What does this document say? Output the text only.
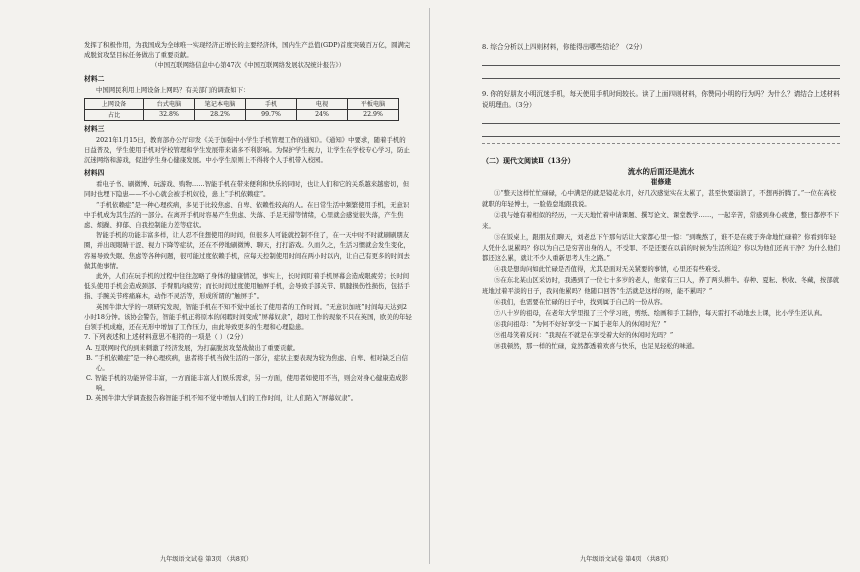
发挥了积极作用，为我国成为全球唯一实现经济正增长的主要经济体，国内生产总值(GDP)首度突破百万亿，圆满完成脱贫攻坚目标任务做出了重要贡献。

（中国互联网络信息中心第47次《中国互联网络发展状况统计报告》）

材料二

中国网民利用上网设备上网吗？有关部门的调查如下：

上网设备	台式电脑	笔记本电脑	手机	电视	平板电脑
占比	32.8%	28.2%	99.7%	24%	22.9%

材料三

2021年1月15日，教育部办公厅印发《关于加强中小学生手机管理工作的通知》。《通知》中要求，随着手机的日益普及，学生使用手机对学校管理和学生发展带来诸多不利影响。为保护学生视力，让学生在学校专心学习，防止沉迷网络和游戏，促进学生身心健康发展。中小学生原则上不得将个人手机带入校园。

材料四

看电子书、刷微博、玩游戏、购物……智能手机在带来便利和快乐的同时，也让人们和它的关系越来越密切，但同时也埋下隐患——不小心就会被手机奴役，患上“手机依赖症”。

“手机依赖症”是一种心理疾病，多见于比较焦虑、自卑、依赖性较高的人。在日常生活中频繁使用手机，无意识中手机成为其生活的一部分。在离开手机时容易产生焦虑、失落、手足无措等情绪，心里就会感觉很失落，产生焦虑、烦躁、抑郁、自我控制能力差等症状。

智能手机的功能丰富多样，让人忍不住想使用的时间，但很多人可能就控制不住了，在一天中时不时就刷刷朋友圈，并出现眼睛干涩、视力下降等症状，还在不停地刷微博、聊天，打打游戏。久而久之，生活习惯就会发生变化，容易导致失眠、焦虑等各种问题，很可能过度依赖手机，应每天控制使用时间在两小时以内，让自己有更多的时间去做其他事情。

此外，人们在玩手机的过程中往往忽略了身体的健康情况，事实上，长时间盯着手机屏幕会造成眼疲劳；长时间低头使用手机会造成颈部、手臂肌肉疲劳；而长时间过度使用触屏手机，会导致手部关节、肌腱损伤性损伤，包括手指、手腕关节疼痛麻木，动作不灵活等，形成所谓的“触屏手”。

英国牛津大学的一项研究发现，智能手机在不知不觉中延长了使用者的工作时间。“无意识加班”时间每天达到2小时18分钟。该协会警告，智能手机正将原本的闲暇时间变成“屏幕奴隶”，超时工作的现象不只在英国，欧美的年轻白领手机成瘾，还在无形中增加了工作压力，由此导致更多的生理和心理隐患。

7. 下列表述和上述材料意思不相符的一项是（ ）（2分）

A. 互联网时代的到来刺激了经济发展，为打赢脱贫攻坚战做出了重要贡献。

B. “手机依赖症”是一种心理疾病，患者将手机当做生活的一部分，症状主要表现为较为焦虑、自卑、相对缺乏自信心。

C. 智能手机的功能异常丰富，一方面能丰富人们娱乐需求，另一方面，使用者如使用不当，则会对身心健康造成影响。

D. 英国牛津大学调查报告称智能手机不知不觉中增加人们的工作时间，让人们陷入“屏幕奴隶”。

九年级语文试卷 第3页 （共8页）

8. 综合分析以上四则材料，你能得出哪些结论？（2分）

9. 你的好朋友小明沉迷手机，每天使用手机时间较长。读了上面四则材料，你赞同小明的行为吗？为什么？请结合上述材料说明理由。（3分）

（二）现代文阅读Ⅱ（13分）

流水的后面还是流水

崔修建

①“整天这样忙忙碌碌，心中满是的就是镜花水月，好几次感觉实在太累了，甚至快要崩溃了，不想再折腾了。”一位在高校就职的年轻博士，一脸倦怠地跟我说。

②我与她有着相似的经历，一天天地忙着申请课题、撰写论文、课堂教学……，一起辛苦，常感到身心疲惫，整日都停不下来。

③在饭桌上，跟朋友们聊天，刘老总下午那句话让大家都心里一惊：“到晚熬了，谁不是在疲于奔命地忙碌着？你看到年轻人凭什么说累吗？你以为自己是穷苦出身的人，不受罪、不是还要在以前的时候为生活所迫？你以为他们还真干净？为什么他们都还这么累，就让不少人重新思考人生之路。”

④我是想询问如此忙碌是否值得，尤其是面对无关紧要的事情，心里还有些难受。

⑤在东北某山区采访时，我遇到了一位七十多岁的老人，他家有三口人，养了两头耕牛。春种、夏耘、秋收、冬藏，按部就班地过着平淡的日子，我问他累吗？他随口回答“生活就是这样的呀，能不累吗？”

⑥我们，也需要在忙碌的日子中，找到属于自己的一份从容。

⑦八十岁的祖母，在老年大学里报了三个学习班，剪纸、绘画和手工制作，每天雷打不动地去上课，比小学生还认真。

⑧我问祖母：“为何不好好享受一下属于老年人的休闲时光？”

⑨祖母笑着反问：“我现在不就是在享受着大好的休闲时光吗？”

⑩我顿然，那一样的忙碌，竟然都透着欢喜与快乐，也足见轻松的味道。

九年级语文试卷 第4页 （共8页）
